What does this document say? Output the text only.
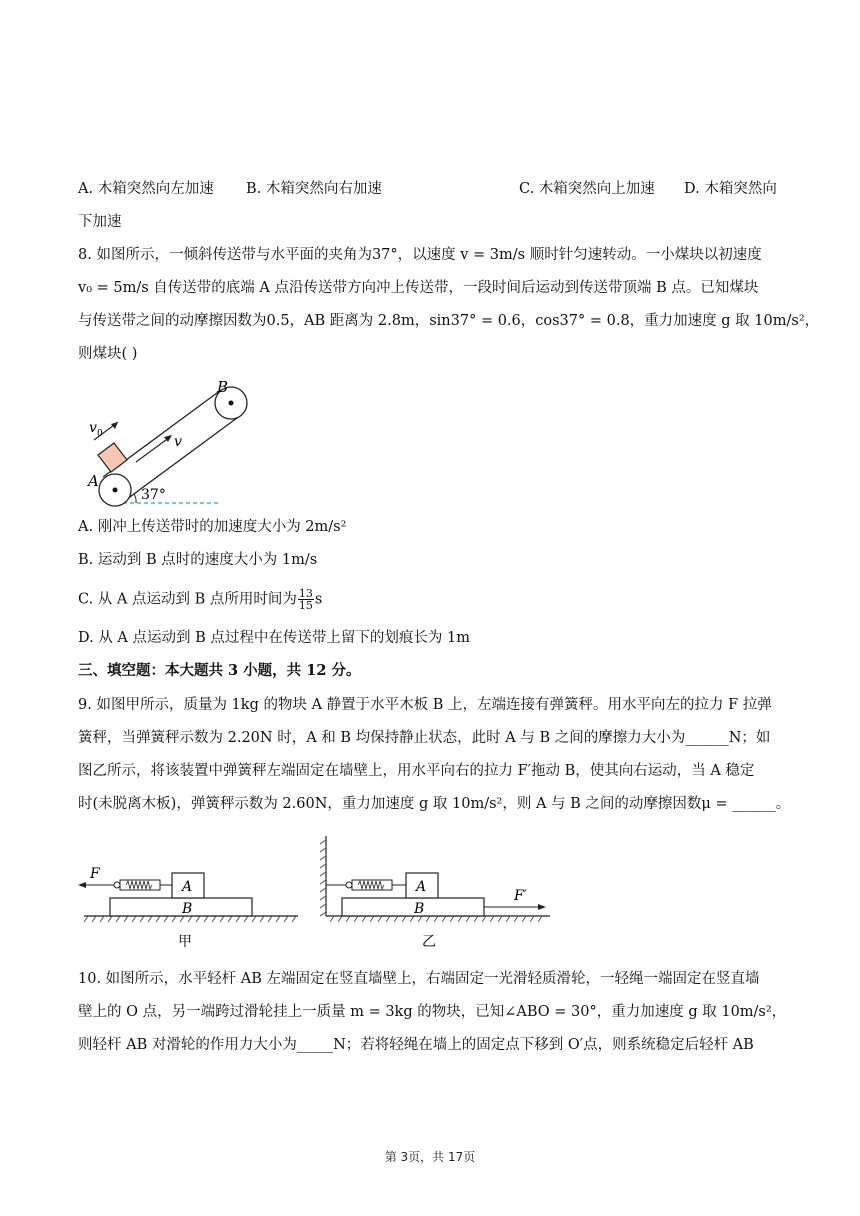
A. 木箱突然向左加速 B. 木箱突然向右加速	C. 木箱突然向上加速 D. 木箱突然向
下加速
8. 如图所示，一倾斜传送带与水平面的夹角为37°，以速度 v = 3m/s 顺时针匀速转动。一小煤块以初速度
v₀ = 5m/s 自传送带的底端 A 点沿传送带方向冲上传送带，一段时间后运动到传送带顶端 B 点。已知煤块
与传送带之间的动摩擦因数为0.5，AB 距离为 2.8m，sin37° = 0.6，cos37° = 0.8，重力加速度 g 取 10m/s²，
则煤块( )
B
A
v 0	v
37°
A. 刚冲上传送带时的加速度大小为 2m/s²
B. 运动到 B 点时的速度大小为 1m/s
C. 从 A 点运动到 B 点所用时间为 $\frac{13}{15}$ s
D. 从 A 点运动到 B 点过程中在传送带上留下的划痕长为 1m
三、填空题：本大题共 3 小题，共 12 分。
9. 如图甲所示，质量为 1kg 的物块 A 静置于水平木板 B 上，左端连接有弹簧秤。用水平向左的拉力 F 拉弹
簧秤，当弹簧秤示数为 2.20N 时，A 和 B 均保持静止状态，此时 A 与 B 之间的摩擦力大小为______N；如
图乙所示，将该装置中弹簧秤左端固定在墙壁上，用水平向右的拉力 F′拖动 B，使其向右运动，当 A 稳定
时(未脱离木板)，弹簧秤示数为 2.60N，重力加速度 g 取 10m/s²，则 A 与 B 之间的动摩擦因数μ = ______。
F
A
B
甲
F′
A
B
乙
10. 如图所示，水平轻杆 AB 左端固定在竖直墙壁上，右端固定一光滑轻质滑轮，一轻绳一端固定在竖直墙
壁上的 O 点，另一端跨过滑轮挂上一质量 m = 3kg 的物块，已知∠ABO = 30°，重力加速度 g 取 10m/s²，
则轻杆 AB 对滑轮的作用力大小为_____N；若将轻绳在墙上的固定点下移到 O′点，则系统稳定后轻杆 AB
第 3页，共 17页
